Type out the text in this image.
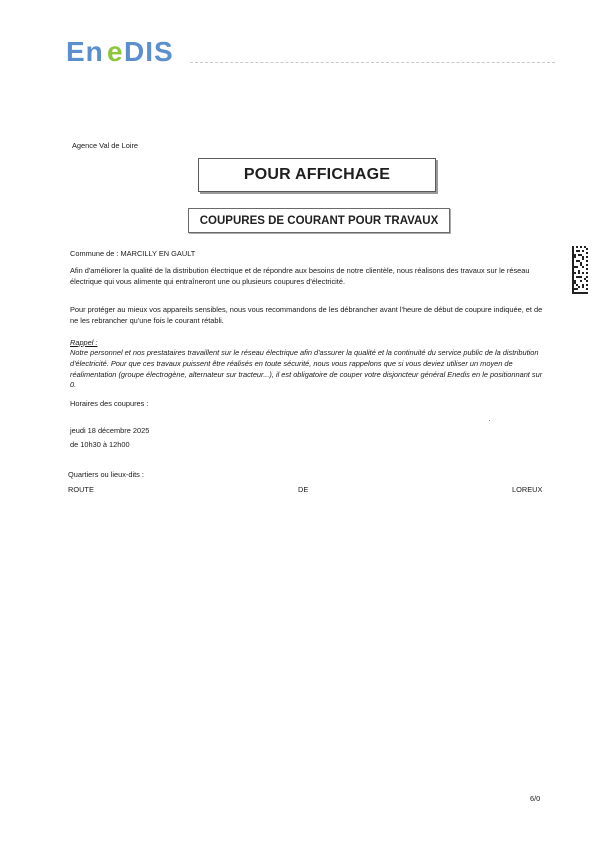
En e DIS
Agence Val de Loire
POUR AFFICHAGE
COUPURES DE COURANT POUR TRAVAUX
Commune de : MARCILLY EN GAULT
Afin d'améliorer la qualité de la distribution électrique et de répondre aux besoins de notre clientèle, nous réalisons des travaux sur le réseau électrique qui vous alimente qui entraîneront une ou plusieurs coupures d'électricité.
Pour protéger au mieux vos appareils sensibles, nous vous recommandons de les débrancher avant l'heure de début de coupure indiquée, et de ne les rebrancher qu'une fois le courant rétabli.
Rappel :
Notre personnel et nos prestataires travaillent sur le réseau électrique afin d'assurer la qualité et la continuité du service public de la distribution d'électricité. Pour que ces travaux puissent être réalisés en toute sécurité, nous vous rappelons que si vous deviez utiliser un moyen de réalimentation (groupe électrogène, alternateur sur tracteur...), il est obligatoire de couper votre disjoncteur général Enedis en le positionnant sur 0.
Horaires des coupures :
jeudi 18 décembre 2025
de 10h30 à 12h00
Quartiers ou lieux-dits :
ROUTE	DE	LOREUX
6/0
